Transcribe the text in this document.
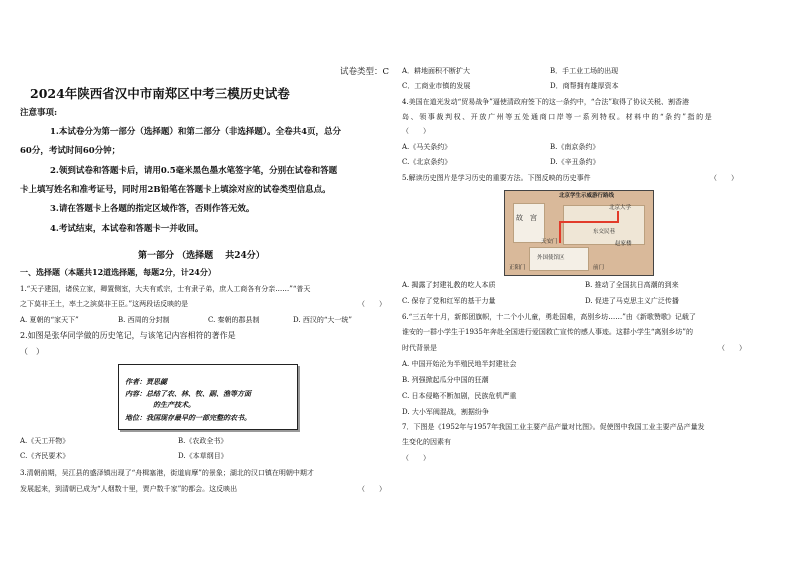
试卷类型：C
2024年陕西省汉中市南郑区中考三模历史试卷
注意事项:
1.本试卷分为第一部分（选择题）和第二部分（非选择题）。全卷共4页，总分
60分，考试时间60分钟；
2.领到试卷和答题卡后，请用0.5毫米黑色墨水笔签字笔，分别在试卷和答题
卡上填写姓名和准考证号，同时用2B铅笔在答题卡上填涂对应的试卷类型信息点。
3.请在答题卡上各题的指定区域作答，否则作答无效。
4.考试结束，本试卷和答题卡一并收回。
第一部分 （选择题　 共24分）
一、选择题（本题共12道选择题，每题2分，计24分）
1.“天子建国，诸侯立家，卿置侧室，大夫有贰宗，士有隶子弟，庶人工商各有分亲……”“普天
之下莫非王土，率土之滨莫非王臣。”这两段话反映的是	（　　）
A. 夏朝的“家天下”	B. 西周的分封制	C. 秦朝的郡县制	D. 西汉的“大一统”
2.如图是张华同学做的历史笔记，与该笔记内容相符的著作是
（　）
作者：贾思勰
内容：总结了农、林、牧、副、渔等方面
的生产技术。
地位：我国现存最早的一部完整的农书。
A.《天工开物》	B.《农政全书》
C.《齐民要术》	D.《本草纲目》
3.清朝前期，吴江县的盛泽镇出现了“舟楫塞港，街道肩摩”的景象；湖北的汉口镇在明朝中期才
发展起来，到清朝已成为“人烟数十里，贾户数千家”的都会。这反映出	（　　）
A．耕地面积不断扩大	B．手工业工场的出现
C．工商业市镇的发展	D．商帮拥有雄厚资本
4.美国在道光发动“贸易战争”逼使清政府签下的这一条约中，“合法”取得了协议关税、割香港
岛、领事裁判权、开放广州等五处通商口岸等一系列特权。材料中的“条约”指的是
（　　）
A.《马关条约》	B.《南京条约》
C.《北京条约》	D.《辛丑条约》
5.解读历史图片是学习历史的重要方法。下图反映的历史事件	（　　）
北京学生示威游行路线
故　宫
天安门
外国使馆区
北京大学
东交民巷
赵家楼
正阳门	前门
A. 揭露了封建礼教的吃人本质	B. 推动了全国抗日高潮的到来
C. 保存了党和红军的基干力量	D. 促进了马克思主义广泛传播
6.“三五年十月，新郎团旗帜，十二个小儿童，勇赴国难，高别乡坊……”由《新歌赞歌》记载了
谁安的一群小学生于1935年奔赴全国进行爱国救亡宣传的感人事迹。这群小学生“离别乡坊”的
时代背景是	（　　）
A. 中国开始沦为半殖民地半封建社会
B. 列强掀起瓜分中国的狂潮
C. 日本侵略不断加剧，民族危机严重
D. 大小军阀混战，割据纷争
7．下图是《1952年与1957年我国工业主要产品产量对比图》。促使图中我国工业主要产品产量发
生变化的因素有
（　　）
